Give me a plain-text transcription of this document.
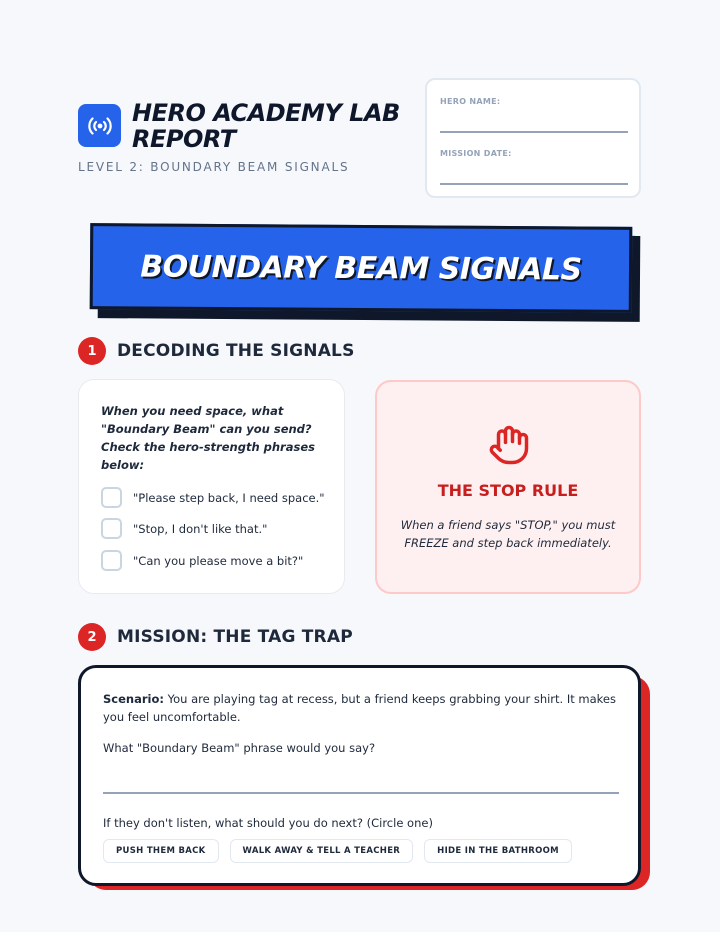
HERO ACADEMY LAB REPORT
LEVEL 2: BOUNDARY BEAM SIGNALS
HERO NAME:
MISSION DATE:
BOUNDARY BEAM SIGNALS
1	DECODING THE SIGNALS
When you need space, what "Boundary Beam" can you send? Check the hero-strength phrases below:
"Please step back, I need space."
"Stop, I don't like that."
"Can you please move a bit?"
THE STOP RULE
When a friend says "STOP," you must FREEZE and step back immediately.
2	MISSION: THE TAG TRAP
Scenario: You are playing tag at recess, but a friend keeps grabbing your shirt. It makes you feel uncomfortable.
What "Boundary Beam" phrase would you say?
If they don't listen, what should you do next? (Circle one)
PUSH THEM BACK	WALK AWAY & TELL A TEACHER	HIDE IN THE BATHROOM
